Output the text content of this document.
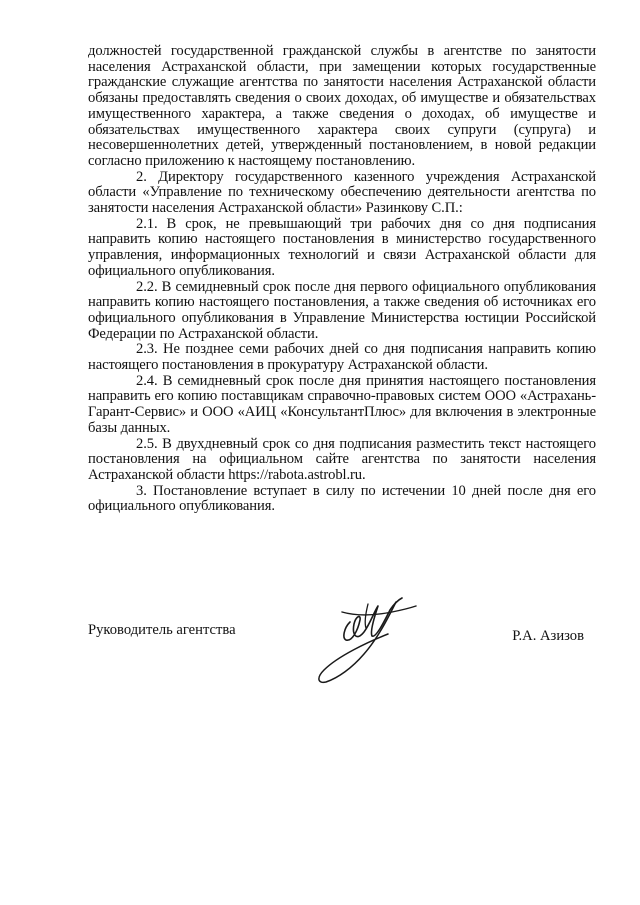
должностей государственной гражданской службы в агентстве по занятости населения Астраханской области, при замещении которых государственные гражданские служащие агентства по занятости населения Астраханской области обязаны предоставлять сведения о своих доходах, об имуществе и обязательствах имущественного характера, а также сведения о доходах, об имуществе и обязательствах имущественного характера своих супруги (супруга) и несовершеннолетних детей, утвержденный постановлением, в новой редакции согласно приложению к настоящему постановлению.

2. Директору государственного казенного учреждения Астраханской области «Управление по техническому обеспечению деятельности агентства по занятости населения Астраханской области» Разинкову С.П.:

2.1. В срок, не превышающий три рабочих дня со дня подписания направить копию настоящего постановления в министерство государственного управления, информационных технологий и связи Астраханской области для официального опубликования.

2.2. В семидневный срок после дня первого официального опубликования направить копию настоящего постановления, а также сведения об источниках его официального опубликования в Управление Министерства юстиции Российской Федерации по Астраханской области.

2.3. Не позднее семи рабочих дней со дня подписания направить копию настоящего постановления в прокуратуру Астраханской области.

2.4. В семидневный срок после дня принятия настоящего постановления направить его копию поставщикам справочно-правовых систем ООО «Астрахань-Гарант-Сервис» и ООО «АИЦ «КонсультантПлюс» для включения в электронные базы данных.

2.5. В двухдневный срок со дня подписания разместить текст настоящего постановления на официальном сайте агентства по занятости населения Астраханской области https://rabota.astrobl.ru.

3. Постановление вступает в силу по истечении 10 дней после дня его официального опубликования.

Руководитель агентства	Р.А. Азизов
